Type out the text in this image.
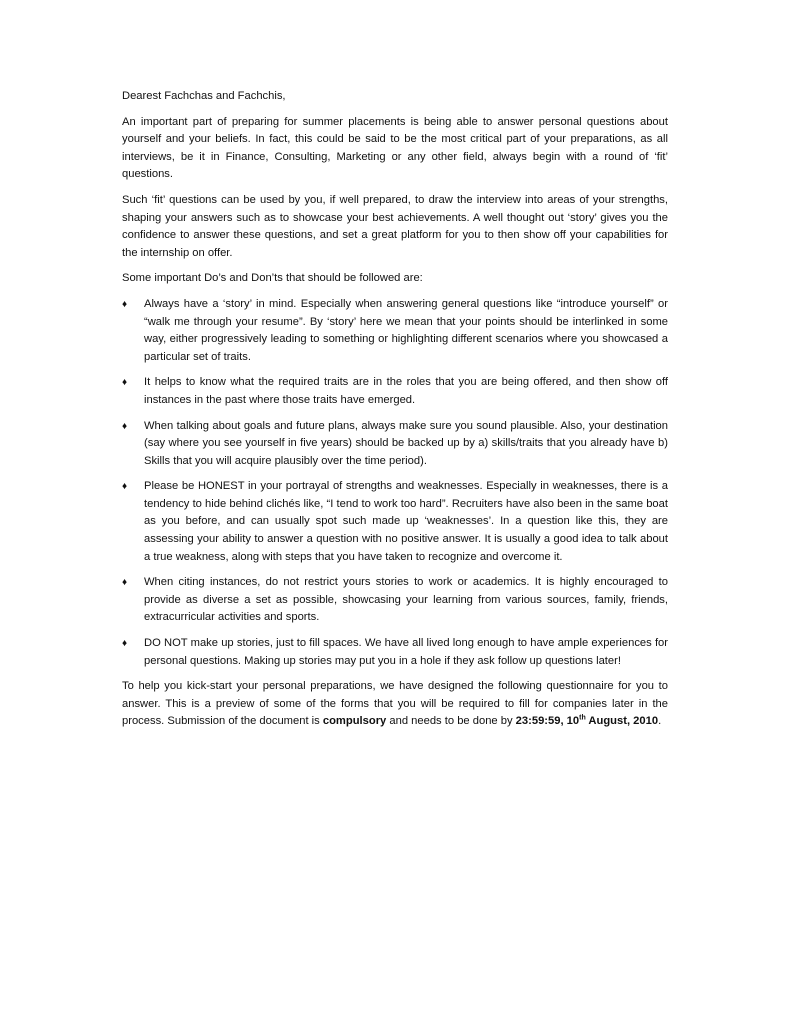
Dearest Fachchas and Fachchis,

An important part of preparing for summer placements is being able to answer personal questions about yourself and your beliefs. In fact, this could be said to be the most critical part of your preparations, as all interviews, be it in Finance, Consulting, Marketing or any other field, always begin with a round of ‘fit’ questions.

Such ‘fit’ questions can be used by you, if well prepared, to draw the interview into areas of your strengths, shaping your answers such as to showcase your best achievements. A well thought out ‘story’ gives you the confidence to answer these questions, and set a great platform for you to then show off your capabilities for the internship on offer.

Some important Do’s and Don’ts that should be followed are:

♦ Always have a ‘story’ in mind. Especially when answering general questions like “introduce yourself” or “walk me through your resume”. By ‘story’ here we mean that your points should be interlinked in some way, either progressively leading to something or highlighting different scenarios where you showcased a particular set of traits.
♦ It helps to know what the required traits are in the roles that you are being offered, and then show off instances in the past where those traits have emerged.
♦ When talking about goals and future plans, always make sure you sound plausible. Also, your destination (say where you see yourself in five years) should be backed up by a) skills/traits that you already have b) Skills that you will acquire plausibly over the time period).
♦ Please be HONEST in your portrayal of strengths and weaknesses. Especially in weaknesses, there is a tendency to hide behind clichés like, “I tend to work too hard”. Recruiters have also been in the same boat as you before, and can usually spot such made up ‘weaknesses’. In a question like this, they are assessing your ability to answer a question with no positive answer. It is usually a good idea to talk about a true weakness, along with steps that you have taken to recognize and overcome it.
♦ When citing instances, do not restrict yours stories to work or academics. It is highly encouraged to provide as diverse a set as possible, showcasing your learning from various sources, family, friends, extracurricular activities and sports.
♦ DO NOT make up stories, just to fill spaces. We have all lived long enough to have ample experiences for personal questions. Making up stories may put you in a hole if they ask follow up questions later!

To help you kick-start your personal preparations, we have designed the following questionnaire for you to answer. This is a preview of some of the forms that you will be required to fill for companies later in the process. Submission of the document is compulsory and needs to be done by 23:59:59, 10th August, 2010.
